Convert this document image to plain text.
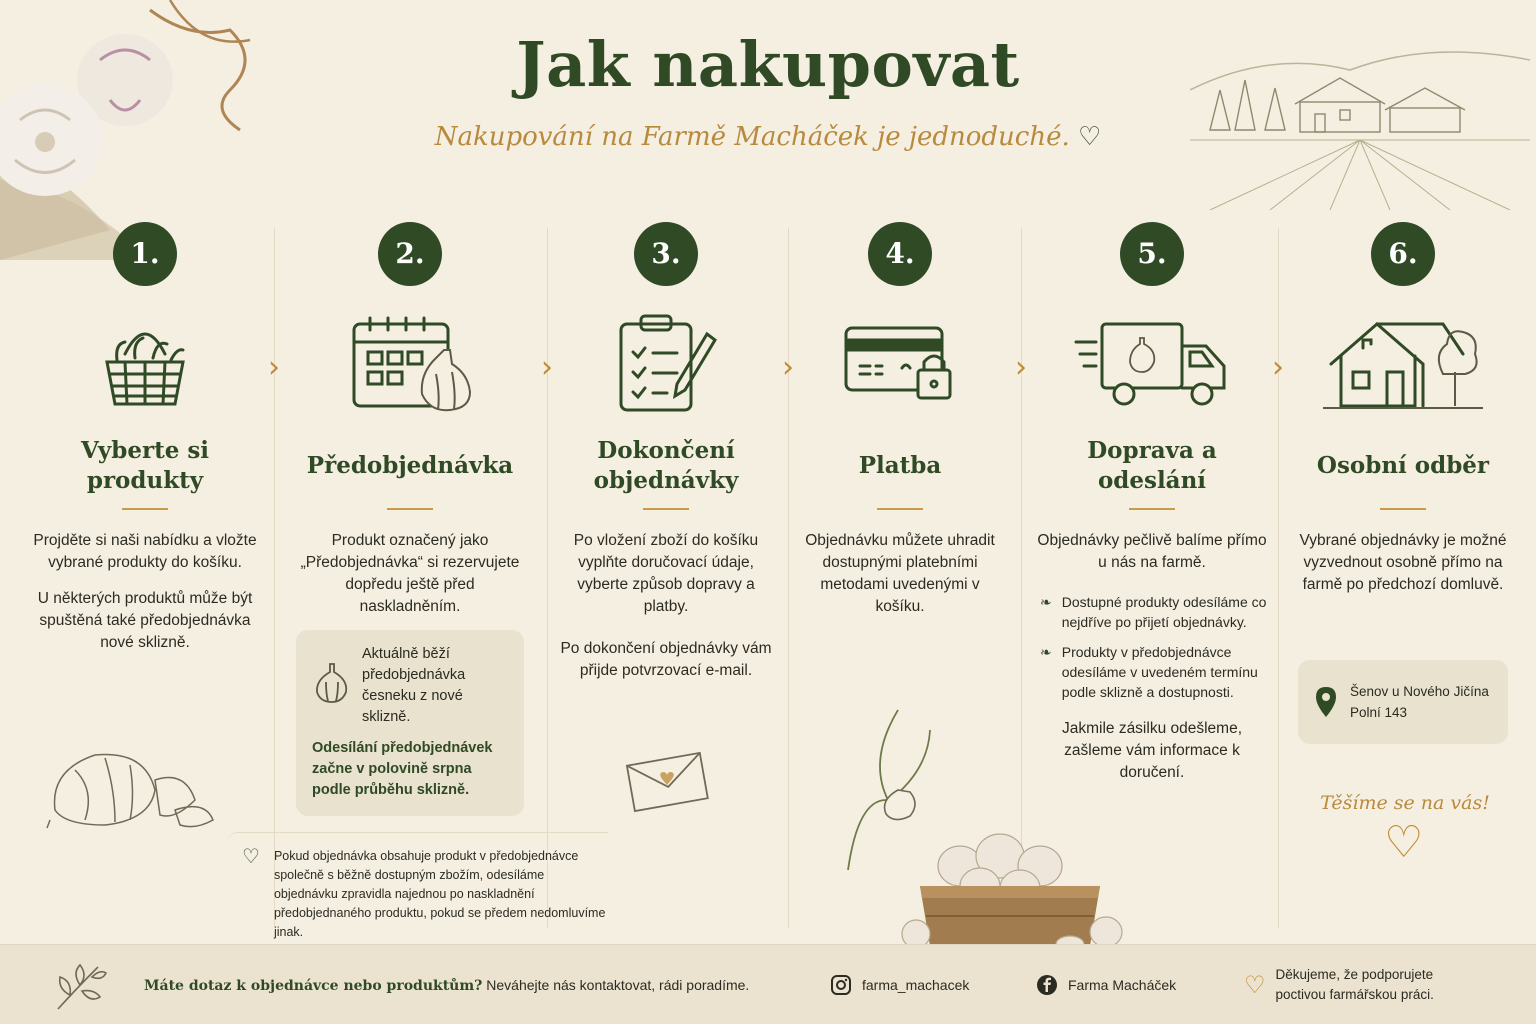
Jak nakupovat
Nakupování na Farmě Macháček je jednoduché. ♡
›	›	›	›	›
1.
Vyberte si produkty
Projděte si naši nabídku a vložte vybrané produkty do košíku.
U některých produktů může být spuštěná také předobjednávka nové sklizně.
2.
Předobjednávka
Produkt označený jako „Předobjednávka“ si rezervujete dopředu ještě před naskladněním.
Aktuálně běží předobjednávka česneku z nové sklizně.
Odesílání předobjednávek začne v polovině srpna podle průběhu sklizně.
♡ Pokud objednávka obsahuje produkt v předobjednávce společně s běžně dostupným zbožím, odesíláme objednávku zpravidla najednou po naskladnění předobjednaného produktu, pokud se předem nedomluvíme jinak.
3.
Dokončení objednávky
Po vložení zboží do košíku vyplňte doručovací údaje, vyberte způsob dopravy a platby.
Po dokončení objednávky vám přijde potvrzovací e-mail.
4.
Platba
Objednávku můžete uhradit dostupnými platebními metodami uvedenými v košíku.
5.
Doprava a odeslání
Objednávky pečlivě balíme přímo u nás na farmě.
❧ Dostupné produkty odesíláme co nejdříve po přijetí objednávky.
❧ Produkty v předobjednávce odesíláme v uvedeném termínu podle sklizně a dostupnosti.
Jakmile zásilku odešleme, zašleme vám informace k doručení.
6.
Osobní odběr
Vybrané objednávky je možné vyzvednout osobně přímo na farmě po předchozí domluvě.
Šenov u Nového Jičína
Polní 143
Těšíme se na vás!
♡
Máte dotaz k objednávce nebo produktům? Neváhejte nás kontaktovat, rádi poradíme.	farma_machacek	Farma Macháček	♡ Děkujeme, že podporujete poctivou farmářskou práci.
